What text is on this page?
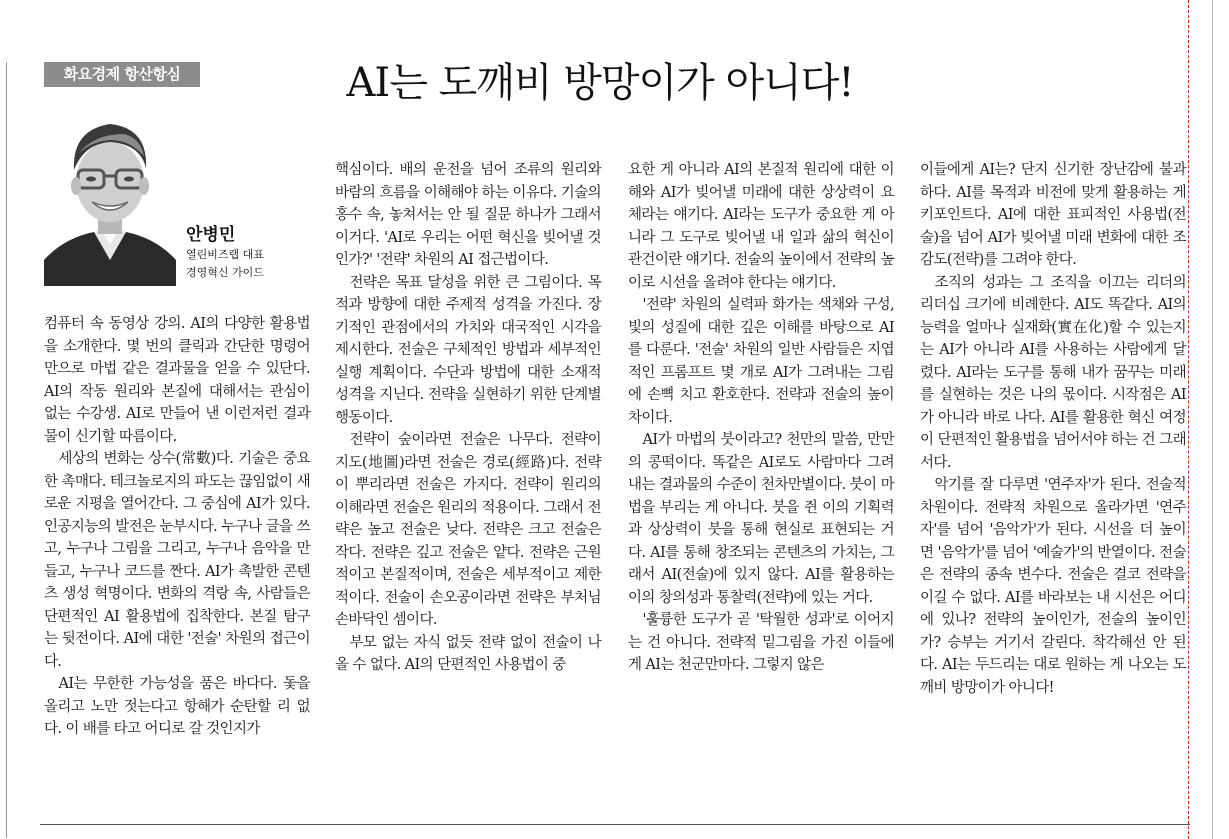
화요경제 항산항심	AI는 도깨비 방망이가 아니다!
안병민
열린비즈랩 대표
경영혁신 가이드

컴퓨터 속 동영상 강의. AI의 다양한 활용법을 소개한다. 몇 번의 클릭과 간단한 명령어만으로 마법 같은 결과물을 얻을 수 있단다. AI의 작동 원리와 본질에 대해서는 관심이 없는 수강생. AI로 만들어 낸 이런저런 결과물이 신기할 따름이다.

세상의 변화는 상수(常數)다. 기술은 중요한 촉매다. 테크놀로지의 파도는 끊임없이 새로운 지평을 열어간다. 그 중심에 AI가 있다. 인공지능의 발전은 눈부시다. 누구나 글을 쓰고, 누구나 그림을 그리고, 누구나 음악을 만들고, 누구나 코드를 짠다. AI가 촉발한 콘텐츠 생성 혁명이다. 변화의 격랑 속, 사람들은 단편적인 AI 활용법에 집착한다. 본질 탐구는 뒷전이다. AI에 대한 '전술' 차원의 접근이다.

AI는 무한한 가능성을 품은 바다다. 돛을 올리고 노만 젓는다고 항해가 순탄할 리 없다. 이 배를 타고 어디로 갈 것인지가

핵심이다. 배의 운전을 넘어 조류의 원리와 바람의 흐름을 이해해야 하는 이유다. 기술의 홍수 속, 놓쳐서는 안 될 질문 하나가 그래서 이거다. 'AI로 우리는 어떤 혁신을 빚어낼 것인가?' '전략' 차원의 AI 접근법이다.

전략은 목표 달성을 위한 큰 그림이다. 목적과 방향에 대한 주제적 성격을 가진다. 장기적인 관점에서의 가치와 대국적인 시각을 제시한다. 전술은 구체적인 방법과 세부적인 실행 계획이다. 수단과 방법에 대한 소재적 성격을 지닌다. 전략을 실현하기 위한 단계별 행동이다.

전략이 숲이라면 전술은 나무다. 전략이 지도(地圖)라면 전술은 경로(經路)다. 전략이 뿌리라면 전술은 가지다. 전략이 원리의 이해라면 전술은 원리의 적용이다. 그래서 전략은 높고 전술은 낮다. 전략은 크고 전술은 작다. 전략은 깊고 전술은 얕다. 전략은 근원적이고 본질적이며, 전술은 세부적이고 제한적이다. 전술이 손오공이라면 전략은 부처님 손바닥인 셈이다.

부모 없는 자식 없듯 전략 없이 전술이 나올 수 없다. AI의 단편적인 사용법이 중

요한 게 아니라 AI의 본질적 원리에 대한 이해와 AI가 빚어낼 미래에 대한 상상력이 요체라는 얘기다. AI라는 도구가 중요한 게 아니라 그 도구로 빚어낼 내 일과 삶의 혁신이 관건이란 얘기다. 전술의 높이에서 전략의 높이로 시선을 올려야 한다는 얘기다.

'전략' 차원의 실력파 화가는 색채와 구성, 빛의 성질에 대한 깊은 이해를 바탕으로 AI를 다룬다. '전술' 차원의 일반 사람들은 지엽적인 프롬프트 몇 개로 AI가 그려내는 그림에 손뼉 치고 환호한다. 전략과 전술의 높이 차이다.

AI가 마법의 붓이라고? 천만의 말씀, 만만의 콩떡이다. 똑같은 AI로도 사람마다 그려내는 결과물의 수준이 천차만별이다. 붓이 마법을 부리는 게 아니다. 붓을 쥔 이의 기획력과 상상력이 붓을 통해 현실로 표현되는 거다. AI를 통해 창조되는 콘텐츠의 가치는, 그래서 AI(전술)에 있지 않다. AI를 활용하는 이의 창의성과 통찰력(전략)에 있는 거다.

'훌륭한 도구가 곧 '탁월한 성과'로 이어지는 건 아니다. 전략적 밑그림을 가진 이들에게 AI는 천군만마다. 그렇지 않은

이들에게 AI는? 단지 신기한 장난감에 불과하다. AI를 목적과 비전에 맞게 활용하는 게 키포인트다. AI에 대한 표피적인 사용법(전술)을 넘어 AI가 빚어낼 미래 변화에 대한 조감도(전략)를 그려야 한다.

조직의 성과는 그 조직을 이끄는 리더의 리더십 크기에 비례한다. AI도 똑같다. AI의 능력을 얼마나 실재화(實在化)할 수 있는지는 AI가 아니라 AI를 사용하는 사람에게 달렸다. AI라는 도구를 통해 내가 꿈꾸는 미래를 실현하는 것은 나의 몫이다. 시작점은 AI가 아니라 바로 나다. AI를 활용한 혁신 여정이 단편적인 활용법을 넘어서야 하는 건 그래서다.

악기를 잘 다루면 '연주자'가 된다. 전술적 차원이다. 전략적 차원으로 올라가면 '연주자'를 넘어 '음악가'가 된다. 시선을 더 높이면 '음악가'를 넘어 '예술가'의 반열이다. 전술은 전략의 종속 변수다. 전술은 결코 전략을 이길 수 없다. AI를 바라보는 내 시선은 어디에 있나? 전략의 높이인가, 전술의 높이인가? 승부는 거기서 갈린다. 착각해선 안 된다. AI는 두드리는 대로 원하는 게 나오는 도깨비 방망이가 아니다!
